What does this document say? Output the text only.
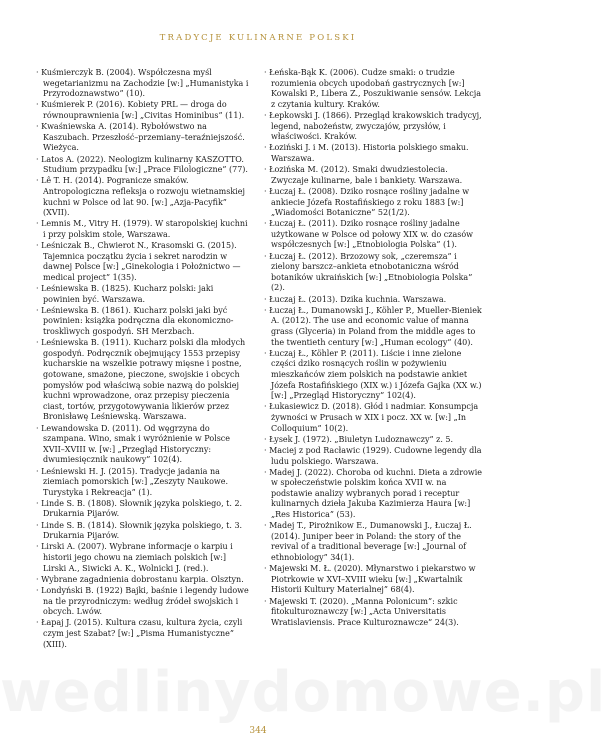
TRADYCJE KULINARNE POLSKI

· Kuśmierczyk B. (2004). Współczesna myśl wegetarianizmu na Zachodzie [w:] „Humanistyka i Przyrodoznawstwo” (10).

· Kuśmierek P. (2016). Kobiety PRL — droga do równouprawnienia [w:] „Civitas Hominibus” (11).

· Kwaśniewska A. (2014). Rybołówstwo na Kaszubach. Przeszłość–przemiany–teraźniejszość. Wieżyca.

· Latos A. (2022). Neologizm kulinarny KASZOTTO. Studium przypadku [w:] „Prace Filologiczne” (77).

· Lê T. H. (2014). Pogranicze smaków. Antropologiczna refleksja o rozwoju wietnamskiej kuchni w Polsce od lat 90. [w:] „Azja-Pacyfik” (XVII).

· Lemnis M., Vitry H. (1979). W staropolskiej kuchni i przy polskim stole, Warszawa.

· Leśniczak B., Chwierot N., Krasomski G. (2015). Tajemnica początku życia i sekret narodzin w dawnej Polsce [w:] „Ginekologia i Położnictwo — medical project” 1(35).

· Leśniewska B. (1825). Kucharz polski: jaki powinien być. Warszawa.

· Leśniewska B. (1861). Kucharz polski jaki być powinien: książka podręczna dla ekonomiczno-trosklìwych gospodyń. SH Merzbach.

· Leśniewska B. (1911). Kucharz polski dla młodych gospodyń. Podręcznik obejmujący 1553 przepisy kucharskie na wszelkie potrawy mięsne i postne, gotowane, smażone, pieczone, swojskie i obcych pomysłów pod właściwą sobie nazwą do polskiej kuchni wprowadzone, oraz przepisy pieczenia ciast, tortów, przygotowywania likierów przez Bronisławę Leśniewską. Warszawa.

· Lewandowska D. (2011). Od węgrzyna do szampana. Wino, smak i wyróżnienie w Polsce XVII–XVIII w. [w:] „Przegląd Historyczny: dwumiesięcznik naukowy” 102(4).

· Leśniewski H. J. (2015). Tradycje jadania na ziemiach pomorskich [w:] „Zeszyty Naukowe. Turystyka i Rekreacja” (1).

· Linde S. B. (1808). Słownik języka polskiego, t. 2. Drukarnia Pijarów.

· Linde S. B. (1814). Słownik języka polskiego, t. 3. Drukarnia Pijarów.

· Lirski A. (2007). Wybrane informacje o karpiu i historii jego chowu na ziemiach polskich [w:] Lirski A., Siwicki A. K., Wolnicki J. (red.).

· Wybrane zagadnienia dobrostanu karpia. Olsztyn.

· Londyński B. (1922) Bajki, baśnie i legendy ludowe na tle przyrodniczym: według źródeł swojskich i obcych. Lwów.

· Łapaj J. (2015). Kultura czasu, kultura życia, czyli czym jest Szabat? [w:] „Pisma Humanistyczne” (XIII).

· Łeńska-Bąk K. (2006). Cudze smaki: o trudzie rozumienia obcych upodobań gastrycznych [w:] Kowalski P., Libera Z., Poszukiwanie sensów. Lekcja z czytania kultury. Kraków.

· Łepkowski J. (1866). Przegląd krakowskich tradycyj, legend, nabożeństw, zwyczajów, przysłów, i właściwości. Kraków.

· Łoziński J. i M. (2013). Historia polskiego smaku. Warszawa.

· Łozińska M. (2012). Smaki dwudziestolecia. Zwyczaje kulinarne, bale i bankiety. Warszawa.

· Łuczaj Ł. (2008). Dziko rosnące rośliny jadalne w ankiecie Józefa Rostafińskiego z roku 1883 [w:] „Wiadomości Botaniczne” 52(1/2).

· Łuczaj Ł. (2011). Dziko rosnące rośliny jadalne użytkowane w Polsce od połowy XIX w. do czasów współczesnych [w:] „Etnobiologia Polska” (1).

· Łuczaj Ł. (2012). Brzozowy sok, „czeremsza” i zielony barszcz–ankieta etnobotaniczna wśród botaników ukraińskich [w:] „Etnobiologia Polska” (2).

· Łuczaj Ł. (2013). Dzika kuchnia. Warszawa.

· Łuczaj Ł., Dumanowski J., Köhler P., Mueller-Bieniek A. (2012). The use and economic value of manna grass (Glyceria) in Poland from the middle ages to the twentieth century [w:] „Human ecology” (40).

· Łuczaj Ł., Köhler P. (2011). Liście i inne zielone części dziko rosnących roślin w pożywieniu mieszkańców ziem polskich na podstawie ankiet Józefa Rostafińskiego (XIX w.) i Józefa Gajka (XX w.) [w:] „Przegląd Historyczny” 102(4).

· Łukasiewicz D. (2018). Głód i nadmiar. Konsumpcja żywności w Prusach w XIX i pocz. XX w. [w:] „In Colloquium” 10(2).

· Łysek J. (1972). „Biuletyn Ludoznawczy” z. 5.

· Maciej z pod Racławic (1929). Cudowne legendy dla ludu polskiego. Warszawa.

· Madej J. (2022). Choroba od kuchni. Dieta a zdrowie w społeczeństwie polskim końca XVII w. na podstawie analizy wybranych porad i receptur kulinarnych dzieła Jakuba Kazimierza Haura [w:] „Res Historica” (53).

· Madej T., Pirożnikow E., Dumanowski J., Łuczaj Ł. (2014). Juniper beer in Poland: the story of the revival of a traditional beverage [w:] „Journal of ethnobiology” 34(1).

· Majewski M. Ł. (2020). Młynarstwo i piekarstwo w Piotrkowie w XVI–XVIII wieku [w:] „Kwartalnik Historii Kultury Materialnej” 68(4).

· Majewski T. (2020). „Manna Polonicum”: szkic fitokulturoznawczy [w:] „Acta Universitatis Wratislaviensis. Prace Kulturoznawcze” 24(3).

wedlinydomowe.pl
344
